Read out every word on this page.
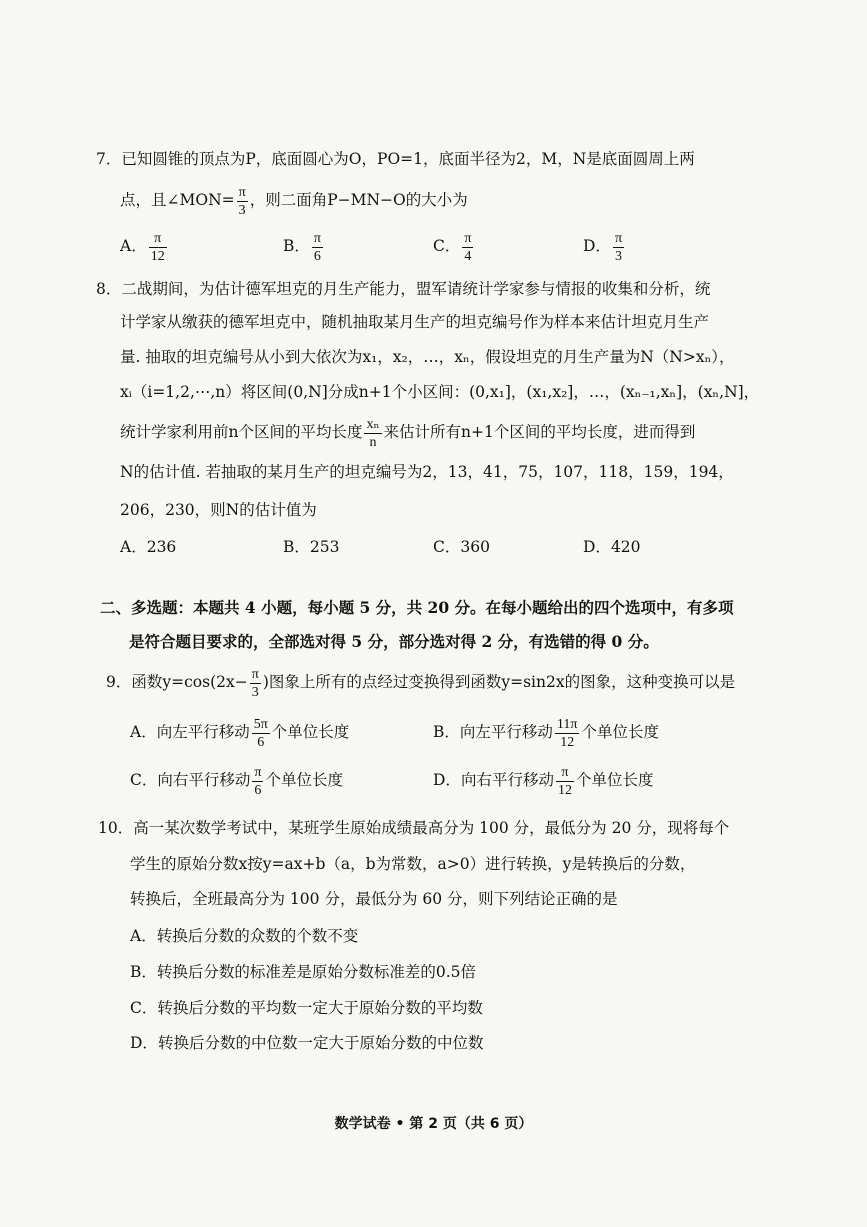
7．已知圆锥的顶点为P，底面圆心为O，PO=1，底面半径为2，M，N是底面圆周上两
点，且∠MON= $\frac{\pi}{3}$ ，则二面角P−MN−O的大小为
A． $\frac{\pi}{12}$	B． $\frac{\pi}{6}$	C． $\frac{\pi}{4}$	D． $\frac{\pi}{3}$
8．二战期间，为估计德军坦克的月生产能力，盟军请统计学家参与情报的收集和分析，统
计学家从缴获的德军坦克中，随机抽取某月生产的坦克编号作为样本来估计坦克月生产
量. 抽取的坦克编号从小到大依次为x₁，x₂，…，xₙ，假设坦克的月生产量为N（N>xₙ），
xᵢ（i=1,2,⋯,n）将区间(0,N]分成n+1个小区间：(0,x₁]，(x₁,x₂]，…，(xₙ₋₁,xₙ]，(xₙ,N]，
统计学家利用前n个区间的平均长度 $\frac{\text{xₙ}}{n}$ 来估计所有n+1个区间的平均长度，进而得到
N的估计值. 若抽取的某月生产的坦克编号为2，13，41，75，107，118，159，194，
206，230，则N的估计值为
A．236	B．253	C．360	D．420
二、多选题：本题共 4 小题，每小题 5 分，共 20 分。在每小题给出的四个选项中，有多项
是符合题目要求的，全部选对得 5 分，部分选对得 2 分，有选错的得 0 分。
9．函数$y=\cos(2x- \frac{\pi}{3}$ )图象上所有的点经过变换得到函数y=sin2x的图象，这种变换可以是
A．向左平行移动 $\frac{5\pi}{6}$ 个单位长度	B．向左平行移动 $\frac{11\pi}{12}$ 个单位长度
C．向右平行移动 $\frac{\pi}{6}$ 个单位长度	D．向右平行移动 $\frac{\pi}{12}$ 个单位长度
10．高一某次数学考试中，某班学生原始成绩最高分为 100 分，最低分为 20 分，现将每个
学生的原始分数x按y=ax+b（a，b为常数，a>0）进行转换，y是转换后的分数，
转换后，全班最高分为 100 分，最低分为 60 分，则下列结论正确的是
A．转换后分数的众数的个数不变
B．转换后分数的标准差是原始分数标准差的0.5倍
C．转换后分数的平均数一定大于原始分数的平均数
D．转换后分数的中位数一定大于原始分数的中位数
数学试卷 • 第 2 页（共 6 页）
